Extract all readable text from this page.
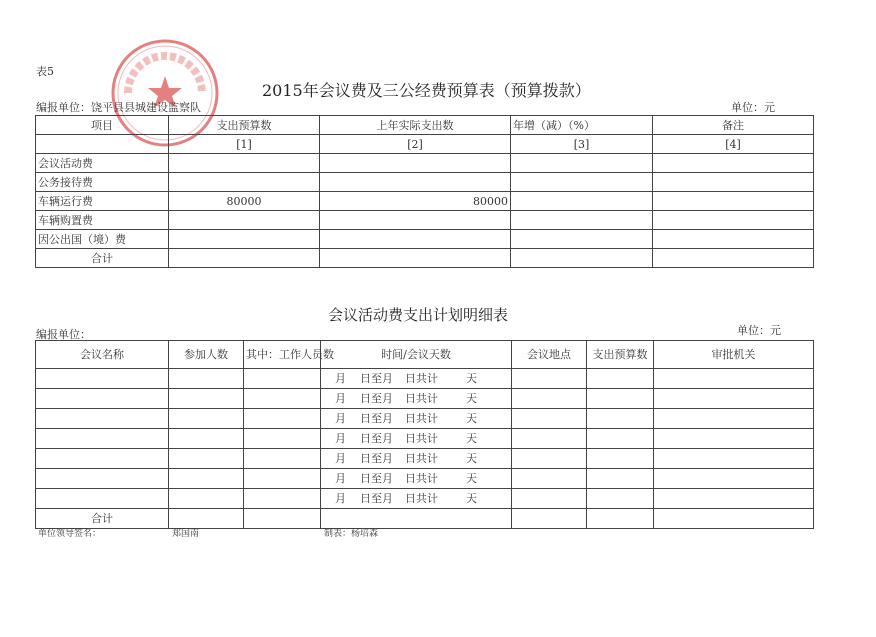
表5
2015年会议费及三公经费预算表（预算拨款）
编报单位：饶平县县城建设监察队	单位：元
项目	支出预算数	上年实际支出数	年增（减）（%）	备注
	[1]	[2]	[3]	[4]
会议活动费				
公务接待费				
车辆运行费	80000	80000		
车辆购置费				
因公出国（境）费				
合计				
会议活动费支出计划明细表
编报单位：	单位：元
会议名称	参加人数	其中：工作人员数	时间/会议天数	会议地点	支出预算数	审批机关
			月 日至月 日共计 天			
			月 日至月 日共计 天			
			月 日至月 日共计 天			
			月 日至月 日共计 天			
			月 日至月 日共计 天			
			月 日至月 日共计 天			
			月 日至月 日共计 天			
合计						
单位领导签名：	郑国南	制表：杨培森
